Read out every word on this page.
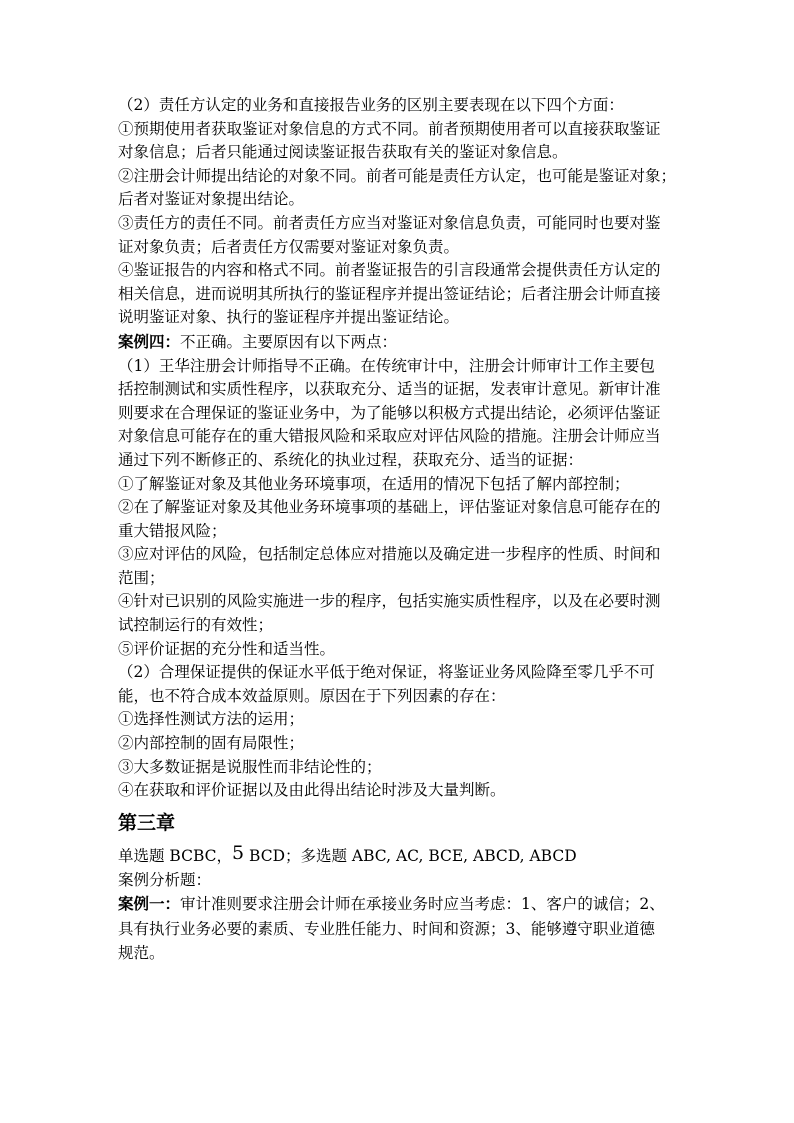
（2）责任方认定的业务和直接报告业务的区别主要表现在以下四个方面：
①预期使用者获取鉴证对象信息的方式不同。前者预期使用者可以直接获取鉴证
对象信息；后者只能通过阅读鉴证报告获取有关的鉴证对象信息。
②注册会计师提出结论的对象不同。前者可能是责任方认定，也可能是鉴证对象；
后者对鉴证对象提出结论。
③责任方的责任不同。前者责任方应当对鉴证对象信息负责，可能同时也要对鉴
证对象负责；后者责任方仅需要对鉴证对象负责。
④鉴证报告的内容和格式不同。前者鉴证报告的引言段通常会提供责任方认定的
相关信息，进而说明其所执行的鉴证程序并提出签证结论；后者注册会计师直接
说明鉴证对象、执行的鉴证程序并提出鉴证结论。
案例四：不正确。主要原因有以下两点：
（1）王华注册会计师指导不正确。在传统审计中，注册会计师审计工作主要包
括控制测试和实质性程序，以获取充分、适当的证据，发表审计意见。新审计准
则要求在合理保证的鉴证业务中，为了能够以积极方式提出结论，必须评估鉴证
对象信息可能存在的重大错报风险和采取应对评估风险的措施。注册会计师应当
通过下列不断修正的、系统化的执业过程，获取充分、适当的证据：
①了解鉴证对象及其他业务环境事项，在适用的情况下包括了解内部控制；
②在了解鉴证对象及其他业务环境事项的基础上，评估鉴证对象信息可能存在的
重大错报风险；
③应对评估的风险，包括制定总体应对措施以及确定进一步程序的性质、时间和
范围；
④针对已识别的风险实施进一步的程序，包括实施实质性程序，以及在必要时测
试控制运行的有效性；
⑤评价证据的充分性和适当性。
（2）合理保证提供的保证水平低于绝对保证，将鉴证业务风险降至零几乎不可
能，也不符合成本效益原则。原因在于下列因素的存在：
①选择性测试方法的运用；
②内部控制的固有局限性；
③大多数证据是说服性而非结论性的；
④在获取和评价证据以及由此得出结论时涉及大量判断。
第三章
单选题 BCBC，5 BCD；多选题 ABC, AC, BCE, ABCD, ABCD
案例分析题：
案例一：审计准则要求注册会计师在承接业务时应当考虑：1、客户的诚信；2、
具有执行业务必要的素质、专业胜任能力、时间和资源；3、能够遵守职业道德
规范。
